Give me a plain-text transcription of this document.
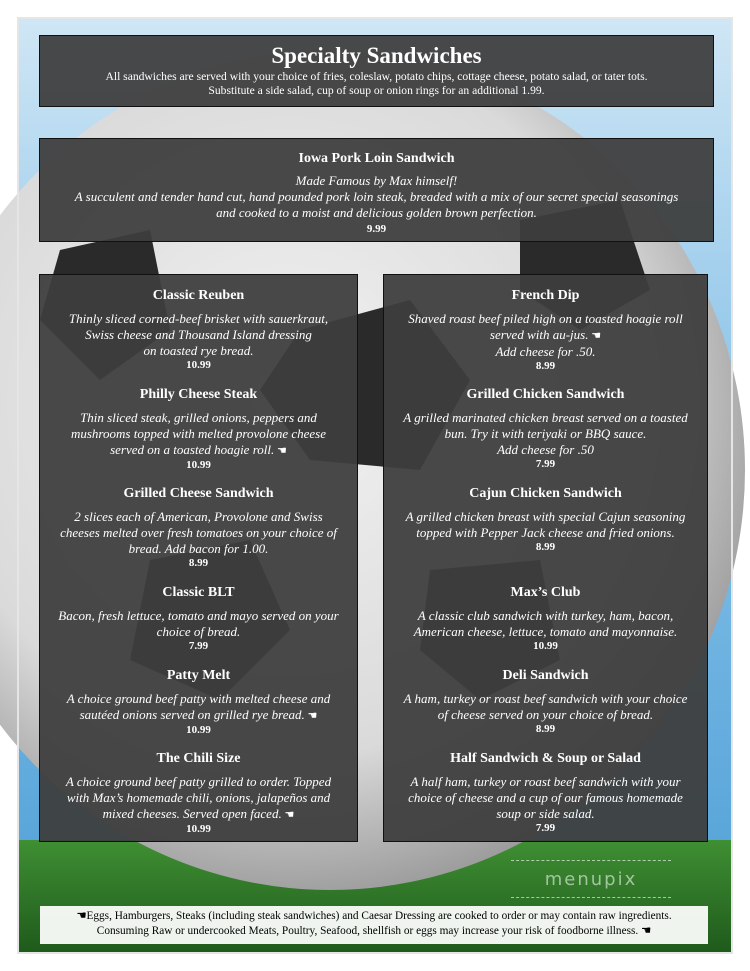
Specialty Sandwiches
All sandwiches are served with your choice of fries, coleslaw, potato chips, cottage cheese, potato salad, or tater tots.
Substitute a side salad, cup of soup or onion rings for an additional 1.99.
Iowa Pork Loin Sandwich
Made Famous by Max himself!
A succulent and tender hand cut, hand pounded pork loin steak, breaded with a mix of our secret special seasonings
and cooked to a moist and delicious golden brown perfection.
9.99
Classic Reuben
Thinly sliced corned-beef brisket with sauerkraut,
Swiss cheese and Thousand Island dressing
on toasted rye bread.
10.99
Philly Cheese Steak
Thin sliced steak, grilled onions, peppers and
mushrooms topped with melted provolone cheese
served on a toasted hoagie roll. ☚
10.99
Grilled Cheese Sandwich
2 slices each of American, Provolone and Swiss
cheeses melted over fresh tomatoes on your choice of
bread. Add bacon for 1.00.
8.99
Classic BLT
Bacon, fresh lettuce, tomato and mayo served on your
choice of bread.
7.99
Patty Melt
A choice ground beef patty with melted cheese and
sautéed onions served on grilled rye bread. ☚
10.99
The Chili Size
A choice ground beef patty grilled to order. Topped
with Max’s homemade chili, onions, jalapeños and
mixed cheeses. Served open faced. ☚
10.99
French Dip
Shaved roast beef piled high on a toasted hoagie roll
served with au-jus. ☚
Add cheese for .50.
8.99
Grilled Chicken Sandwich
A grilled marinated chicken breast served on a toasted
bun. Try it with teriyaki or BBQ sauce.
Add cheese for .50
7.99
Cajun Chicken Sandwich
A grilled chicken breast with special Cajun seasoning
topped with Pepper Jack cheese and fried onions.
8.99
Max’s Club
A classic club sandwich with turkey, ham, bacon,
American cheese, lettuce, tomato and mayonnaise.
10.99
Deli Sandwich
A ham, turkey or roast beef sandwich with your choice
of cheese served on your choice of bread.
8.99
Half Sandwich & Soup or Salad
A half ham, turkey or roast beef sandwich with your
choice of cheese and a cup of our famous homemade
soup or side salad.
7.99
menupix
☚Eggs, Hamburgers, Steaks (including steak sandwiches) and Caesar Dressing are cooked to order or may contain raw ingredients.
Consuming Raw or undercooked Meats, Poultry, Seafood, shellfish or eggs may increase your risk of foodborne illness. ☚
